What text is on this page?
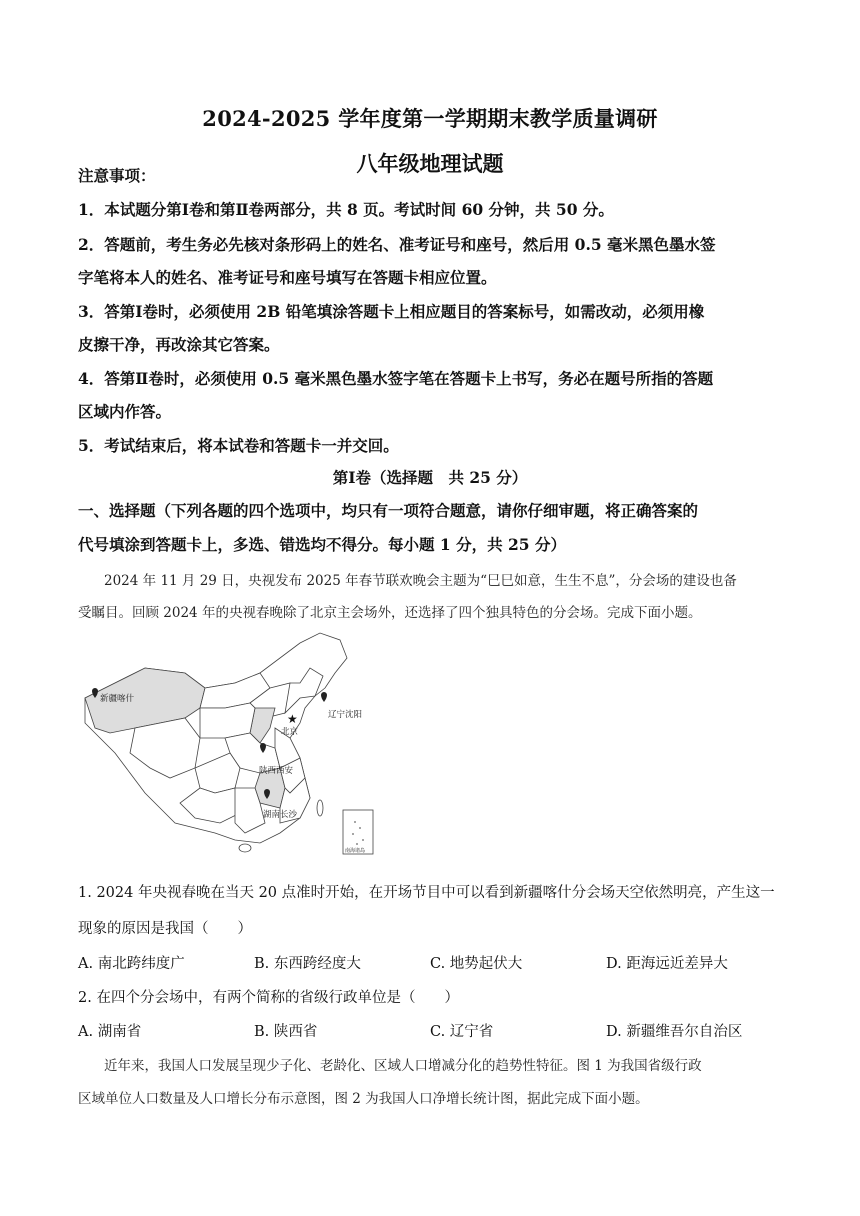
2024-2025 学年度第一学期期末教学质量调研
八年级地理试题
注意事项：
1．本试题分第Ⅰ卷和第Ⅱ卷两部分，共 8 页。考试时间 60 分钟，共 50 分。
2．答题前，考生务必先核对条形码上的姓名、准考证号和座号，然后用 0.5 毫米黑色墨水签
字笔将本人的姓名、准考证号和座号填写在答题卡相应位置。
3．答第Ⅰ卷时，必须使用 2B 铅笔填涂答题卡上相应题目的答案标号，如需改动，必须用橡
皮擦干净，再改涂其它答案。
4．答第Ⅱ卷时，必须使用 0.5 毫米黑色墨水签字笔在答题卡上书写，务必在题号所指的答题
区域内作答。
5．考试结束后，将本试卷和答题卡一并交回。
第Ⅰ卷（选择题　共 25 分）
一、选择题（下列各题的四个选项中，均只有一项符合题意，请你仔细审题，将正确答案的
代号填涂到答题卡上，多选、错选均不得分。每小题 1 分，共 25 分）
2024 年 11 月 29 日，央视发布 2025 年春节联欢晚会主题为“巳巳如意，生生不息”，分会场的建设也备
受瞩目。回顾 2024 年的央视春晚除了北京主会场外，还选择了四个独具特色的分会场。完成下面小题。
★
新疆喀什
辽宁沈阳
北京
陕西西安
湖南长沙
南海诸岛
1. 2024 年央视春晚在当天 20 点准时开始，在开场节目中可以看到新疆喀什分会场天空依然明亮，产生这一
现象的原因是我国（　　）
A. 南北跨纬度广	B. 东西跨经度大	C. 地势起伏大	D. 距海远近差异大
2. 在四个分会场中，有两个简称的省级行政单位是（　　）
A. 湖南省	B. 陕西省	C. 辽宁省	D. 新疆维吾尔自治区
近年来，我国人口发展呈现少子化、老龄化、区域人口增减分化的趋势性特征。图 1 为我国省级行政
区域单位人口数量及人口增长分布示意图，图 2 为我国人口净增长统计图，据此完成下面小题。
